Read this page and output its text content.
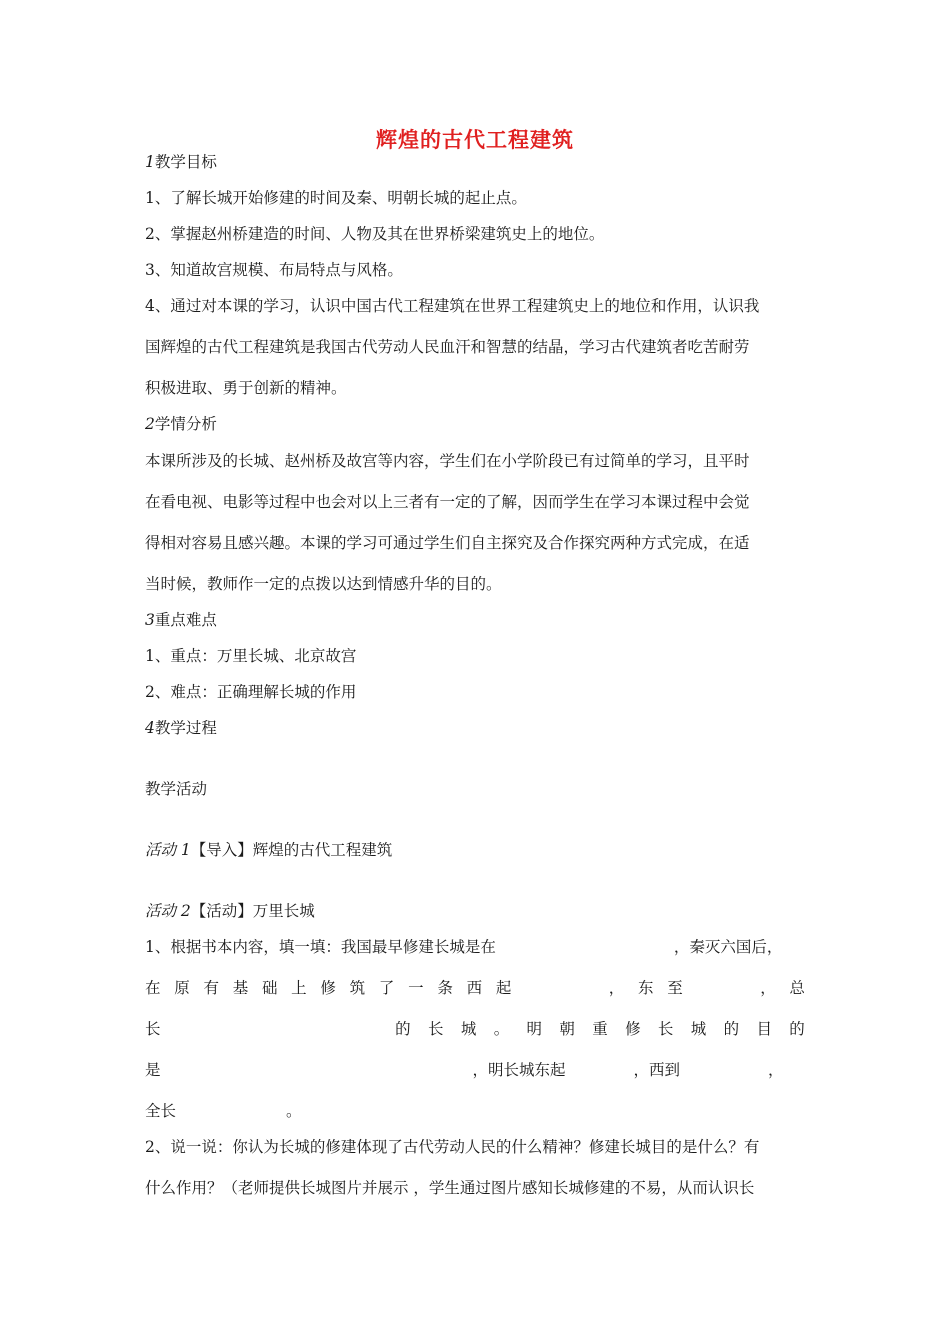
辉煌的古代工程建筑
1教学目标
1、了解长城开始修建的时间及秦、明朝长城的起止点。
2、掌握赵州桥建造的时间、人物及其在世界桥梁建筑史上的地位。
3、知道故宫规模、布局特点与风格。
4、通过对本课的学习，认识中国古代工程建筑在世界工程建筑史上的地位和作用，认识我
国辉煌的古代工程建筑是我国古代劳动人民血汗和智慧的结晶，学习古代建筑者吃苦耐劳
积极进取、勇于创新的精神。
2学情分析
本课所涉及的长城、赵州桥及故宫等内容，学生们在小学阶段已有过简单的学习，且平时
在看电视、电影等过程中也会对以上三者有一定的了解，因而学生在学习本课过程中会觉
得相对容易且感兴趣。本课的学习可通过学生们自主探究及合作探究两种方式完成，在适
当时候，教师作一定的点拨以达到情感升华的目的。
3重点难点
1、重点：万里长城、北京故宫
2、难点：正确理解长城的作用
4教学过程
教学活动
活动 1【导入】辉煌的古代工程建筑
活动 2【活动】万里长城
1、根据书本内容，填一填：我国最早修建长城是在	，秦灭六国后，
在 原 有 基 础 上 修 筑 了 一 条 西 起	， 东 至	， 总
长	的 长 城 。 明 朝 重 修 长 城 的 目 的
是	，明长城东起	，西到	，
全长	。
2、说一说：你认为长城的修建体现了古代劳动人民的什么精神？修建长城目的是什么？有
什么作用？（老师提供长城图片并展示 ，学生通过图片感知长城修建的不易，从而认识长
